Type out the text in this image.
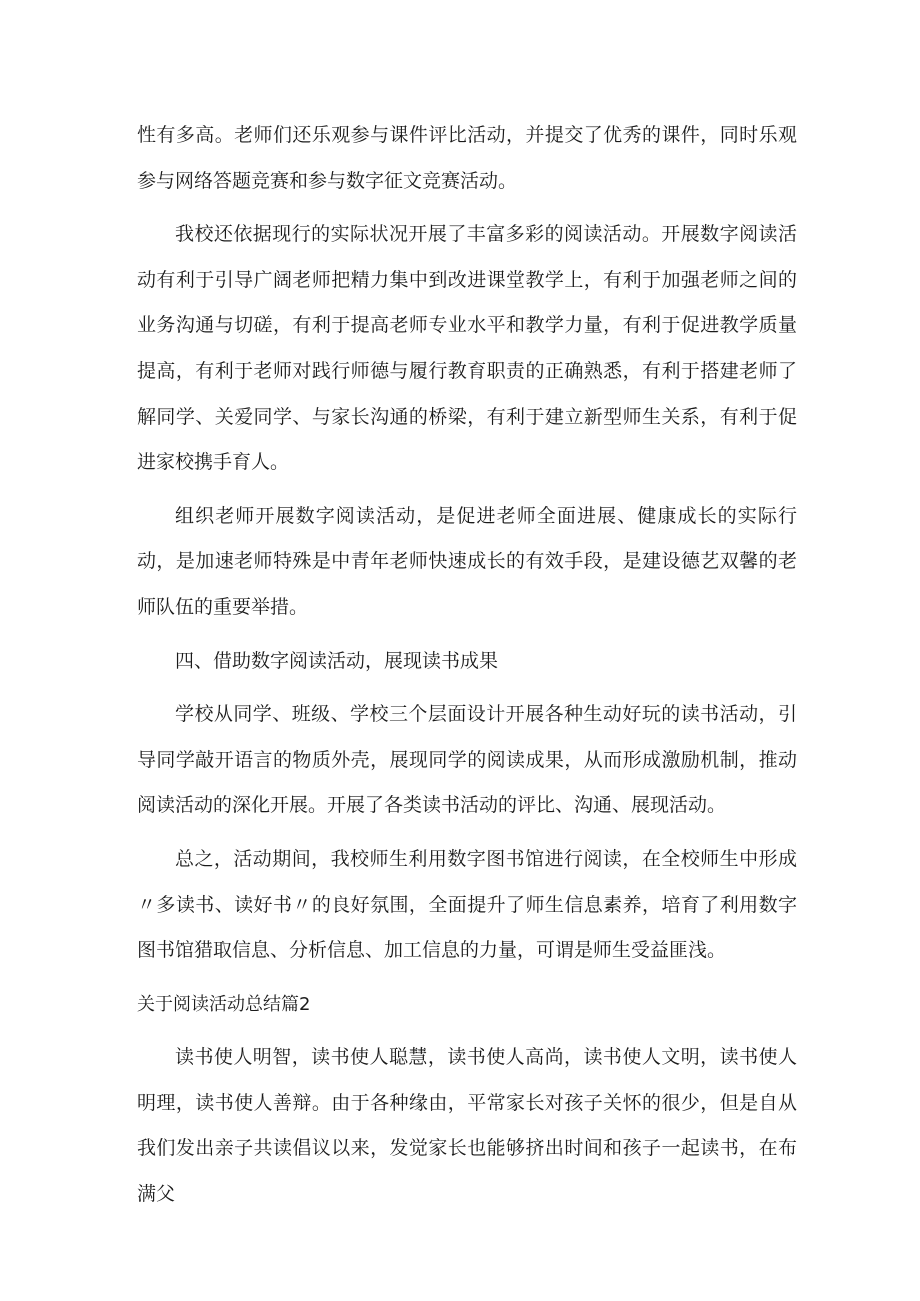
性有多高。老师们还乐观参与课件评比活动，并提交了优秀的课件，同时乐观参与网络答题竞赛和参与数字征文竞赛活动。

我校还依据现行的实际状况开展了丰富多彩的阅读活动。开展数字阅读活动有利于引导广阔老师把精力集中到改进课堂教学上，有利于加强老师之间的业务沟通与切磋，有利于提高老师专业水平和教学力量，有利于促进教学质量提高，有利于老师对践行师德与履行教育职责的正确熟悉，有利于搭建老师了解同学、关爱同学、与家长沟通的桥梁，有利于建立新型师生关系，有利于促进家校携手育人。

组织老师开展数字阅读活动，是促进老师全面进展、健康成长的实际行动，是加速老师特殊是中青年老师快速成长的有效手段，是建设德艺双馨的老师队伍的重要举措。

四、借助数字阅读活动，展现读书成果

学校从同学、班级、学校三个层面设计开展各种生动好玩的读书活动，引导同学敲开语言的物质外壳，展现同学的阅读成果，从而形成激励机制，推动阅读活动的深化开展。开展了各类读书活动的评比、沟通、展现活动。

总之，活动期间，我校师生利用数字图书馆进行阅读，在全校师生中形成〃多读书、读好书〃的良好氛围，全面提升了师生信息素养，培育了利用数字图书馆猎取信息、分析信息、加工信息的力量，可谓是师生受益匪浅。

关于阅读活动总结篇2

读书使人明智，读书使人聪慧，读书使人高尚，读书使人文明，读书使人明理，读书使人善辩。由于各种缘由，平常家长对孩子关怀的很少，但是自从我们发出亲子共读倡议以来，发觉家长也能够挤出时间和孩子一起读书，在布满父
